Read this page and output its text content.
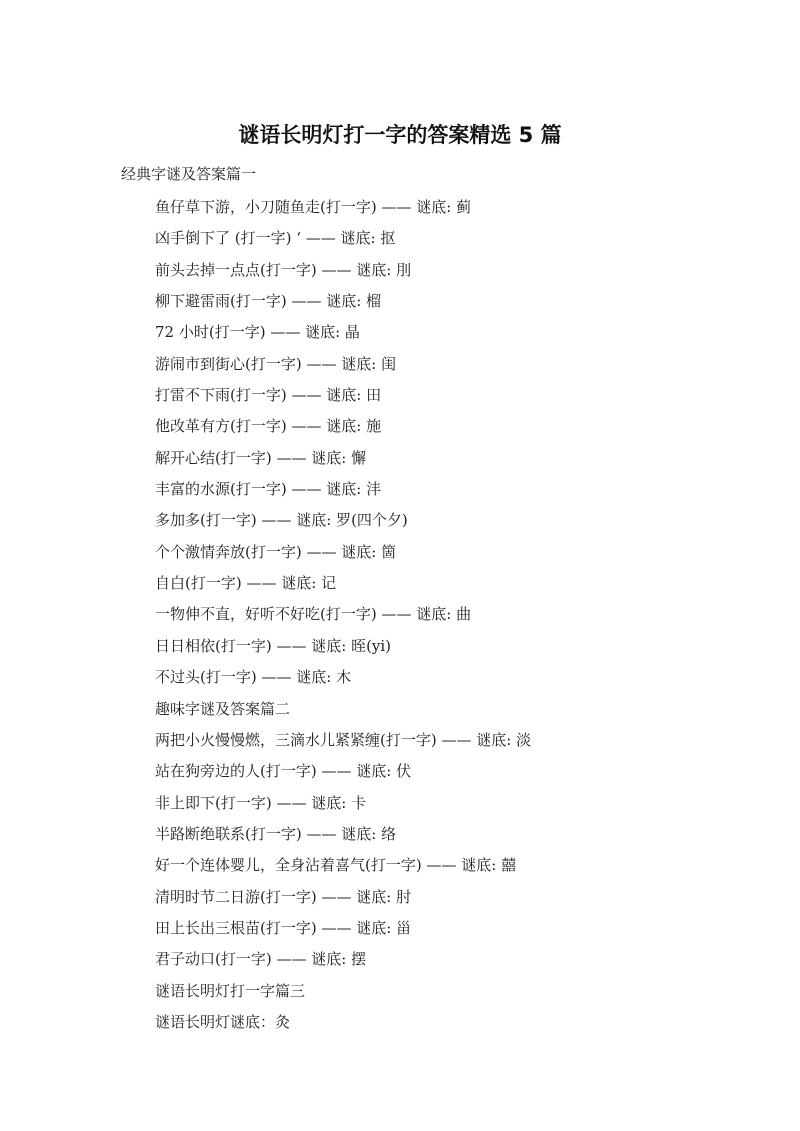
谜语长明灯打一字的答案精选 5 篇
经典字谜及答案篇一
鱼仔草下游，小刀随鱼走(打一字) —— 谜底: 蓟
凶手倒下了 (打一字) ‘ —— 谜底: 抠
前头去掉一点点(打一字) —— 谜底: 刖
柳下避雷雨(打一字) —— 谜底: 榴
72 小时(打一字) —— 谜底: 晶
游闹市到街心(打一字) —— 谜底: 闺
打雷不下雨(打一字) —— 谜底: 田
他改革有方(打一字) —— 谜底: 施
解开心结(打一字) —— 谜底: 懈
丰富的水源(打一字) —— 谜底: 沣
多加多(打一字) —— 谜底: 罗(四个夕)
个个激情奔放(打一字) —— 谜底: 箇
自白(打一字) —— 谜底: 记
一物伸不直，好听不好吃(打一字) —— 谜底: 曲
日日相依(打一字) —— 谜底: 晊(yi)
不过头(打一字) —— 谜底: 木
趣味字谜及答案篇二
两把小火慢慢燃，三滴水儿紧紧缠(打一字) —— 谜底: 淡
站在狗旁边的人(打一字) —— 谜底: 伏
非上即下(打一字) —— 谜底: 卡
半路断绝联系(打一字) —— 谜底: 络
好一个连体婴儿，全身沾着喜气(打一字) —— 谜底: 囍
清明时节二日游(打一字) —— 谜底: 肘
田上长出三根苗(打一字) —— 谜底: 甾
君子动口(打一字) —— 谜底: 摆
谜语长明灯打一字篇三
谜语长明灯谜底：灸
